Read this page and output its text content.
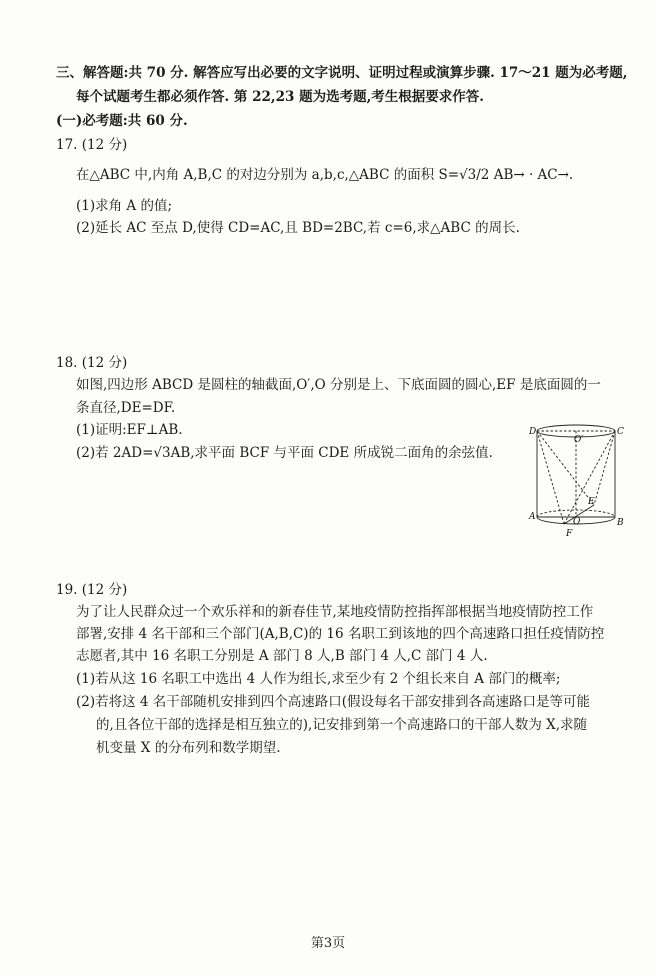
三、解答题:共 70 分. 解答应写出必要的文字说明、证明过程或演算步骤. 17～21 题为必考题,
每个试题考生都必须作答. 第 22,23 题为选考题,考生根据要求作答.
(一)必考题:共 60 分.
17. (12 分)
在△ABC 中,内角 A,B,C 的对边分别为 a,b,c,△ABC 的面积 S=√3/2 AB→ · AC→.
(1)求角 A 的值;
(2)延长 AC 至点 D,使得 CD=AC,且 BD=2BC,若 c=6,求△ABC 的周长.
18. (12 分)
如图,四边形 ABCD 是圆柱的轴截面,O′,O 分别是上、下底面圆的圆心,EF 是底面圆的一
条直径,DE=DF.
(1)证明:EF⊥AB.
(2)若 2AD=√3AB,求平面 BCF 与平面 CDE 所成锐二面角的余弦值.
D	C
O′
E
A	O	B
F
19. (12 分)
为了让人民群众过一个欢乐祥和的新春佳节,某地疫情防控指挥部根据当地疫情防控工作
部署,安排 4 名干部和三个部门(A,B,C)的 16 名职工到该地的四个高速路口担任疫情防控
志愿者,其中 16 名职工分别是 A 部门 8 人,B 部门 4 人,C 部门 4 人.
(1)若从这 16 名职工中选出 4 人作为组长,求至少有 2 个组长来自 A 部门的概率;
(2)若将这 4 名干部随机安排到四个高速路口(假设每名干部安排到各高速路口是等可能
的,且各位干部的选择是相互独立的),记安排到第一个高速路口的干部人数为 X,求随
机变量 X 的分布列和数学期望.
第3页
